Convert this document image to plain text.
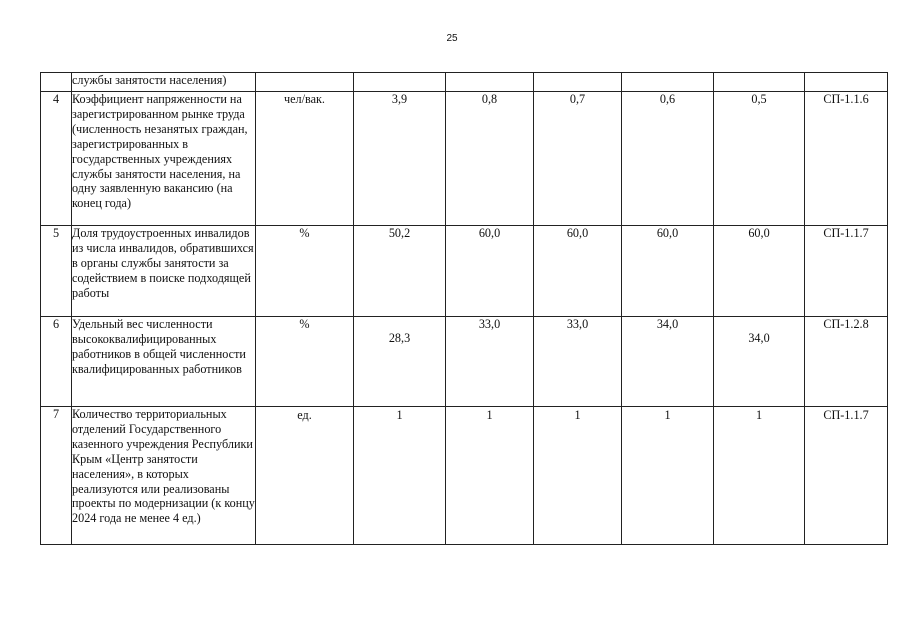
25
	службы занятости населения)							
4	Коэффициент напряженности на зарегистрированном рынке труда (численность незанятых граждан, зарегистрированных в государственных учреждениях службы занятости населения, на одну заявленную вакансию (на конец года)	чел/вак.	3,9	0,8	0,7	0,6	0,5	СП-1.1.6
5	Доля трудоустроенных инвалидов из числа инвалидов, обратившихся в органы службы занятости за содействием в поиске подходящей работы	%	50,2	60,0	60,0	60,0	60,0	СП-1.1.7
6	Удельный вес численности высококвалифицированных работников в общей численности квалифицированных работников	%	28,3	33,0	33,0	34,0	34,0	СП-1.2.8
7	Количество территориальных отделений Государственного казенного учреждения Республики Крым «Центр занятости населения», в которых реализуются или реализованы проекты по модернизации (к концу 2024 года не менее 4 ед.)	ед.	1	1	1	1	1	СП-1.1.7
